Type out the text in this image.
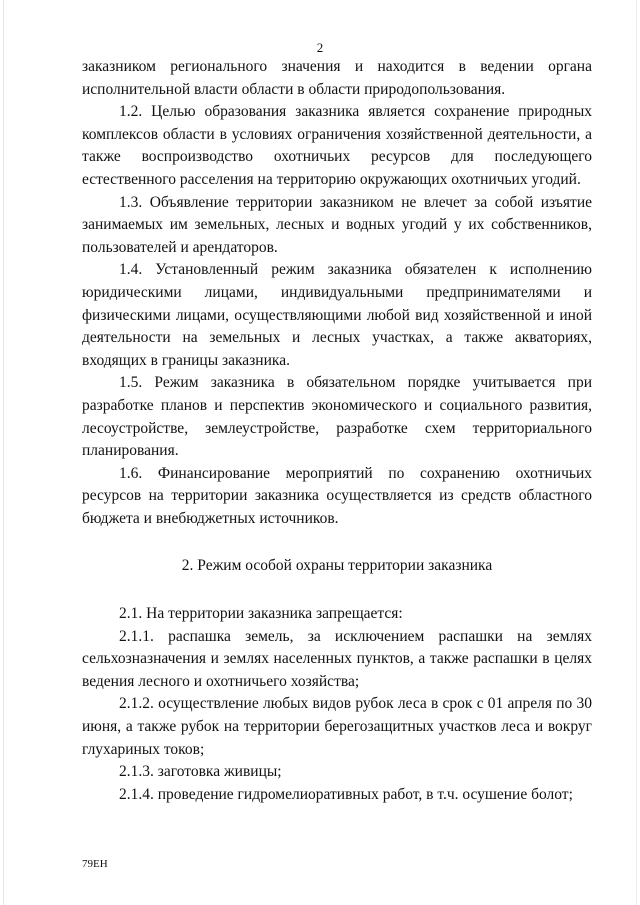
2

заказником регионального значения и находится в ведении органа исполнительной власти области в области природопользования.

1.2. Целью образования заказника является сохранение природных комплексов области в условиях ограничения хозяйственной деятельности, а также воспроизводство охотничьих ресурсов для последующего естественного расселения на территорию окружающих охотничьих угодий.

1.3. Объявление территории заказником не влечет за собой изъятие занимаемых им земельных, лесных и водных угодий у их собственников, пользователей и арендаторов.

1.4. Установленный режим заказника обязателен к исполнению юридическими лицами, индивидуальными предпринимателями и физическими лицами, осуществляющими любой вид хозяйственной и иной деятельности на земельных и лесных участках, а также акваториях, входящих в границы заказника.

1.5. Режим заказника в обязательном порядке учитывается при разработке планов и перспектив экономического и социального развития, лесоустройстве, землеустройстве, разработке схем территориального планирования.

1.6. Финансирование мероприятий по сохранению охотничьих ресурсов на территории заказника осуществляется из средств областного бюджета и внебюджетных источников.

2. Режим особой охраны территории заказника

2.1. На территории заказника запрещается:

2.1.1. распашка земель, за исключением распашки на землях сельхозназначения и землях населенных пунктов, а также распашки в целях ведения лесного и охотничьего хозяйства;

2.1.2. осуществление любых видов рубок леса в срок с 01 апреля по 30 июня, а также рубок на территории берегозащитных участков леса и вокруг глухариных токов;

2.1.3. заготовка живицы;

2.1.4. проведение гидромелиоративных работ, в т.ч. осушение болот;

79ЕН
